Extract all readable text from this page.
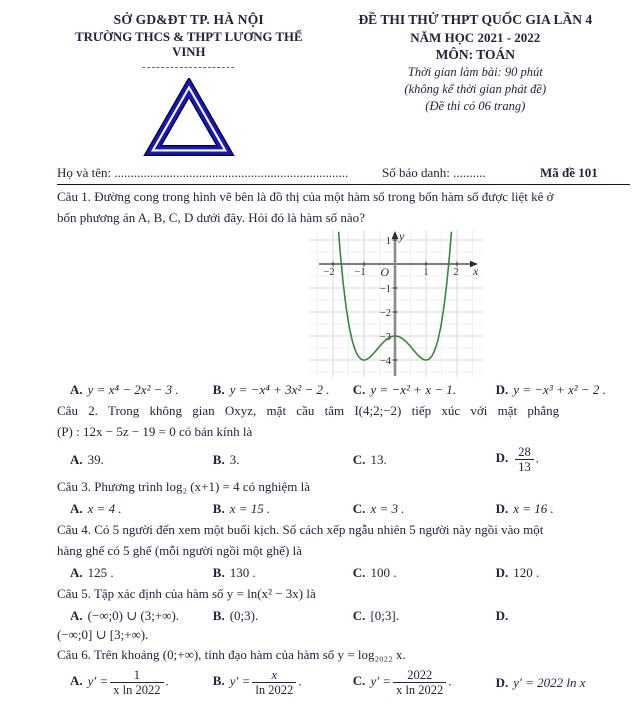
SỞ GD&ĐT TP. HÀ NỘI
TRƯỜNG THCS & THPT LƯƠNG THẾ VINH
--------------------
ĐỀ THI THỬ THPT QUỐC GIA LẦN 4
NĂM HỌC 2021 - 2022
MÔN: TOÁN
Thời gian làm bài: 90 phút
(không kể thời gian phát đề)
(Đề thi có 06 trang)
Họ và tên: ........................................................................	Số báo danh: ..........	Mã đề 101
Câu 1. Đường cong trong hình vẽ bên là đồ thị của một hàm số trong bốn hàm số được liệt kê ở
bốn phương án A, B, C, D dưới đây. Hỏi đó là hàm số nào?
−2 −1	1 2
1
−1
−2
−3
−4
O	x
y
A. y = x⁴ − 2x² − 3 .	B. y = −x⁴ + 3x² − 2 .	C. y = −x² + x − 1.	D. y = −x³ + x² − 2 .
Câu 2. Trong không gian Oxyz, mặt cầu tâm I(4;2;−2) tiếp xúc với mặt phẳng
(P) : 12x − 5z − 19 = 0 có bán kính là
A. 39.	B. 3.	C. 13.	D. $\frac{28}{13}$ .
Câu 3. Phương trình log₂ (x+1) = 4 có nghiệm là
A. x = 4 .	B. x = 15 .	C. x = 3 .	D. x = 16 .
Câu 4. Có 5 người đến xem một buổi kịch. Số cách xếp ngẫu nhiên 5 người này ngồi vào một
hàng ghế có 5 ghế (mỗi người ngồi một ghế) là
A. 125 .	B. 130 .	C. 100 .	D. 120 .
Câu 5. Tập xác định của hàm số y = ln(x² − 3x) là
A. (−∞;0) ∪ (3;+∞).	B. (0;3).	C. [0;3].	D.
(−∞;0] ∪ [3;+∞).
Câu 6. Trên khoảng (0;+∞), tính đạo hàm của hàm số y = log₂₀₂₂ x.
A. $y' = \frac{1}{\text{x ln 2022}}$ .	B. $y' = \frac{x}{\ln 2022}$ .	C. $y' = \frac{2022}{\text{x ln 2022}}$ .	D. y′ = 2022 ln x
